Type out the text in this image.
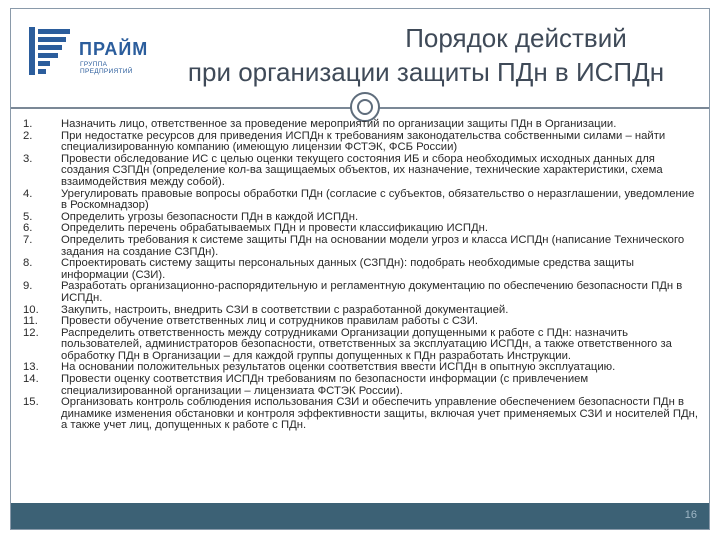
ПРАЙМ
ГРУППА ПРЕДПРИЯТИЙ
Порядок действий
при организации защиты ПДн в ИСПДн
1.	Назначить лицо, ответственное за проведение мероприятий по организации защиты ПДн в Организации.
2.	При недостатке ресурсов для приведения ИСПДн к требованиям законодательства собственными силами – найти специализированную компанию (имеющую лицензии ФСТЭК, ФСБ России)
3.	Провести обследование ИС с целью оценки текущего состояния ИБ и сбора необходимых исходных данных для создания СЗПДн (определение кол-ва защищаемых объектов, их назначение, технические характеристики, схема взаимодействия между собой).
4.	Урегулировать правовые вопросы обработки ПДн (согласие с субъектов, обязательство о неразглашении, уведомление в Роскомнадзор)
5.	Определить угрозы безопасности ПДн в каждой ИСПДн.
6.	Определить перечень обрабатываемых ПДн и провести классификацию ИСПДн.
7.	Определить требования к системе защиты ПДн на основании модели угроз и класса ИСПДн (написание Технического задания на создание СЗПДн).
8.	Спроектировать систему защиты персональных данных (СЗПДн): подобрать необходимые средства защиты информации (СЗИ).
9.	Разработать организационно-распорядительную и регламентную документацию по обеспечению безопасности ПДн в ИСПДн.
10.	Закупить, настроить, внедрить СЗИ в соответствии с разработанной документацией.
11.	Провести обучение ответственных лиц и сотрудников правилам работы с СЗИ.
12.	Распределить ответственность между сотрудниками Организации допущенными к работе с ПДн: назначить пользователей, администраторов безопасности, ответственных за эксплуатацию ИСПДн, а также ответственного за обработку ПДн в Организации – для каждой группы допущенных к ПДн разработать Инструкции.
13.	На основании положительных результатов оценки соответствия ввести ИСПДн в опытную эксплуатацию.
14.	Провести оценку соответствия ИСПДн требованиям по безопасности информации (с привлечением специализированной организации – лицензиата ФСТЭК России).
15.	Организовать контроль соблюдения использования СЗИ и обеспечить управление обеспечением безопасности ПДн в динамике изменения обстановки и контроля эффективности защиты, включая учет применяемых СЗИ и носителей ПДн, а также учет лиц, допущенных к работе с ПДн.
16
